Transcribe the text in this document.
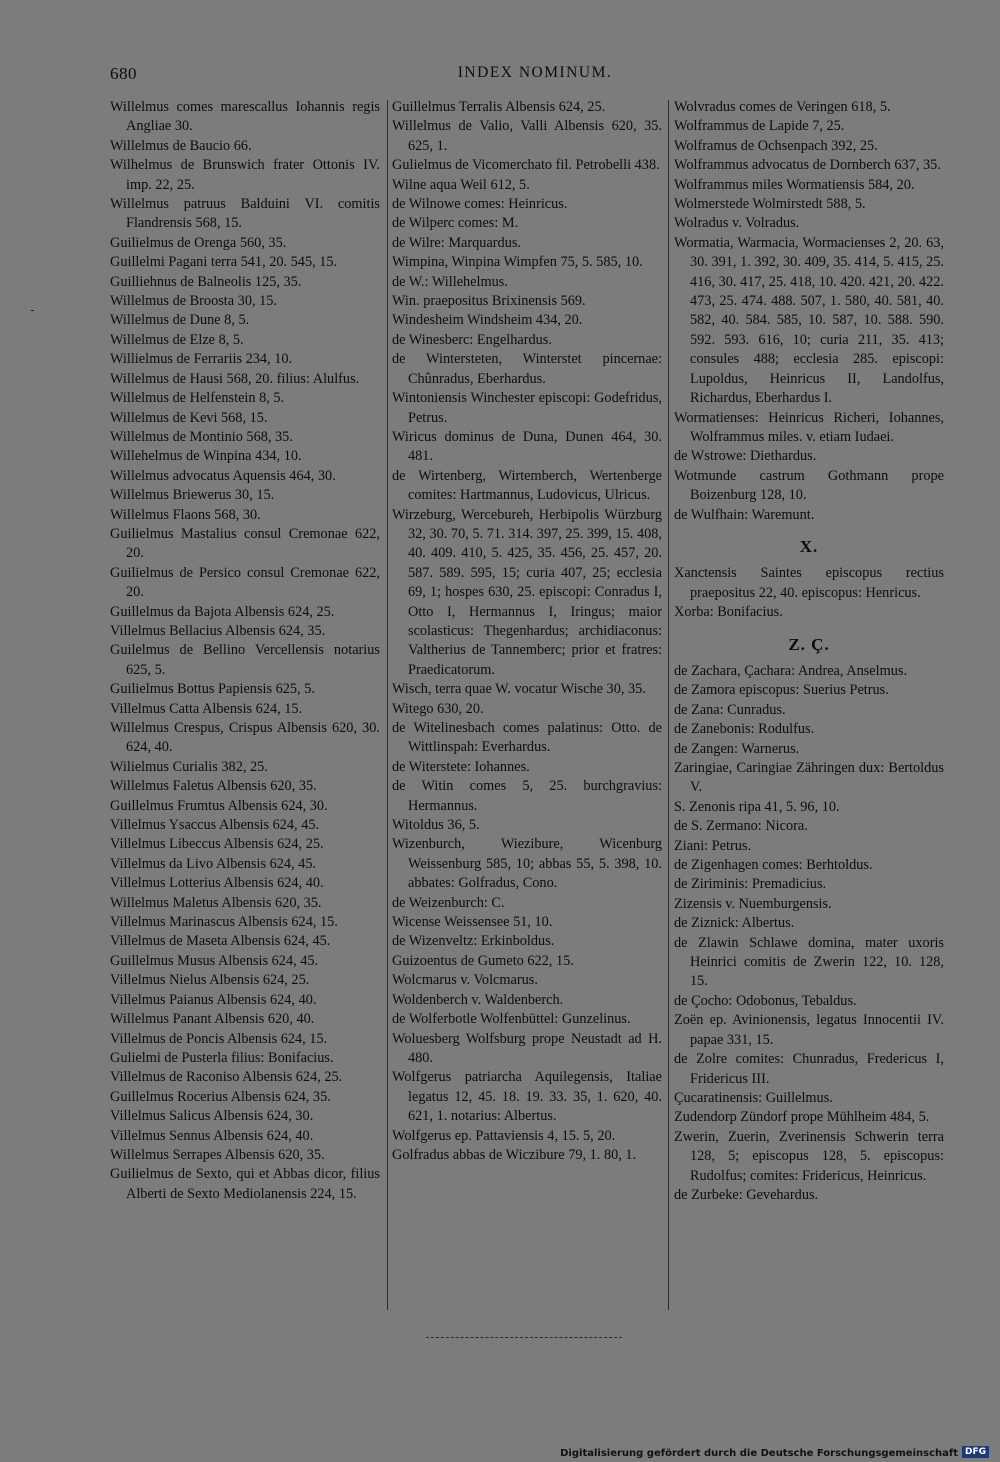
680	INDEX NOMINUM.

Willelmus comes marescallus Iohannis regis Angliae 30.

Willelmus de Baucio 66.

Wilhelmus de Brunswich frater Ottonis IV. imp. 22, 25.

Willelmus patruus Balduini VI. comitis Flandrensis 568, 15.

Guilielmus de Orenga 560, 35.

Guillelmi Pagani terra 541, 20. 545, 15.

Guilliehnus de Balneolis 125, 35.

Willelmus de Broosta 30, 15.

Willelmus de Dune 8, 5.

Willelmus de Elze 8, 5.

Willielmus de Ferrariis 234, 10.

Willelmus de Hausi 568, 20. filius: Alulfus.

Willelmus de Helfenstein 8, 5.

Willelmus de Kevi 568, 15.

Willelmus de Montinio 568, 35.

Willehelmus de Winpina 434, 10.

Willelmus advocatus Aquensis 464, 30.

Willelmus Briewerus 30, 15.

Willelmus Flaons 568, 30.

Guilielmus Mastalius consul Cremonae 622, 20.

Guilielmus de Persico consul Cremonae 622, 20.

Guillelmus da Bajota Albensis 624, 25.

Villelmus Bellacius Albensis 624, 35.

Guilelmus de Bellino Vercellensis notarius 625, 5.

Guilielmus Bottus Papiensis 625, 5.

Villelmus Catta Albensis 624, 15.

Willelmus Crespus, Crispus Albensis 620, 30. 624, 40.

Wilielmus Curialis 382, 25.

Willelmus Faletus Albensis 620, 35.

Guillelmus Frumtus Albensis 624, 30.

Villelmus Ysaccus Albensis 624, 45.

Villelmus Libeccus Albensis 624, 25.

Villelmus da Livo Albensis 624, 45.

Villelmus Lotterius Albensis 624, 40.

Willelmus Maletus Albensis 620, 35.

Villelmus Marinascus Albensis 624, 15.

Villelmus de Maseta Albensis 624, 45.

Guillelmus Musus Albensis 624, 45.

Villelmus Nielus Albensis 624, 25.

Villelmus Paianus Albensis 624, 40.

Willelmus Panant Albensis 620, 40.

Villelmus de Poncis Albensis 624, 15.

Gulielmi de Pusterla filius: Bonifacius.

Villelmus de Raconiso Albensis 624, 25.

Guillelmus Rocerius Albensis 624, 35.

Villelmus Salicus Albensis 624, 30.

Villelmus Sennus Albensis 624, 40.

Willelmus Serrapes Albensis 620, 35.

Guilielmus de Sexto, qui et Abbas dicor, filius Alberti de Sexto Mediolanensis 224, 15.

Guillelmus Terralis Albensis 624, 25.

Willelmus de Valio, Valli Albensis 620, 35. 625, 1.

Gulielmus de Vicomerchato fil. Petrobelli 438.

Wilne aqua Weil 612, 5.

de Wilnowe comes: Heinricus.

de Wilperc comes: M.

de Wilre: Marquardus.

Wimpina, Winpina Wimpfen 75, 5. 585, 10.

de W.: Willehelmus.

Win. praepositus Brixinensis 569.

Windesheim Windsheim 434, 20.

de Winesberc: Engelhardus.

de Wintersteten, Winterstet pincernae: Chûnradus, Eberhardus.

Wintoniensis Winchester episcopi: Godefridus, Petrus.

Wiricus dominus de Duna, Dunen 464, 30. 481.

de Wirtenberg, Wirtemberch, Wertenberge comites: Hartmannus, Ludovicus, Ulricus.

Wirzeburg, Wercebureh, Herbipolis Würzburg 32, 30. 70, 5. 71. 314. 397, 25. 399, 15. 408, 40. 409. 410, 5. 425, 35. 456, 25. 457, 20. 587. 589. 595, 15; curia 407, 25; ecclesia 69, 1; hospes 630, 25. episcopi: Conradus I, Otto I, Hermannus I, Iringus; maior scolasticus: Thegenhardus; archidiaconus: Valtherius de Tannemberc; prior et fratres: Praedicatorum.

Wisch, terra quae W. vocatur Wische 30, 35.

Witego 630, 20.

de Witelinesbach comes palatinus: Otto. de Wittlinspah: Everhardus.

de Witerstete: Iohannes.

de Witin comes 5, 25. burchgravius: Hermannus.

Witoldus 36, 5.

Wizenburch, Wiezibure, Wicenburg Weissenburg 585, 10; abbas 55, 5. 398, 10. abbates: Golfradus, Cono.

de Weizenburch: C.

Wicense Weissensee 51, 10.

de Wizenveltz: Erkinboldus.

Guizoentus de Gumeto 622, 15.

Wolcmarus v. Volcmarus.

Woldenberch v. Waldenberch.

de Wolferbotle Wolfenbüttel: Gunzelinus.

Woluesberg Wolfsburg prope Neustadt ad H. 480.

Wolfgerus patriarcha Aquilegensis, Italiae legatus 12, 45. 18. 19. 33. 35, 1. 620, 40. 621, 1. notarius: Albertus.

Wolfgerus ep. Pattaviensis 4, 15. 5, 20.

Golfradus abbas de Wiczibure 79, 1. 80, 1.

Wolvradus comes de Veringen 618, 5.

Wolframmus de Lapide 7, 25.

Wolframus de Ochsenpach 392, 25.

Wolframmus advocatus de Dornberch 637, 35.

Wolframmus miles Wormatiensis 584, 20.

Wolmerstede Wolmirstedt 588, 5.

Wolradus v. Volradus.

Wormatia, Warmacia, Wormacienses 2, 20. 63, 30. 391, 1. 392, 30. 409, 35. 414, 5. 415, 25. 416, 30. 417, 25. 418, 10. 420. 421, 20. 422. 473, 25. 474. 488. 507, 1. 580, 40. 581, 40. 582, 40. 584. 585, 10. 587, 10. 588. 590. 592. 593. 616, 10; curia 211, 35. 413; consules 488; ecclesia 285. episcopi: Lupoldus, Heinricus II, Landolfus, Richardus, Eberhardus I.

Wormatienses: Heinricus Richeri, Iohannes, Wolframmus miles. v. etiam Iudaei.

de Wstrowe: Diethardus.

Wotmunde castrum Gothmann prope Boizenburg 128, 10.

de Wulfhain: Waremunt.

X.

Xanctensis Saintes episcopus rectius praepositus 22, 40. episcopus: Henricus.

Xorba: Bonifacius.

Z. Ç.

de Zachara, Çachara: Andrea, Anselmus.

de Zamora episcopus: Suerius Petrus.

de Zana: Cunradus.

de Zanebonis: Rodulfus.

de Zangen: Warnerus.

Zaringiae, Caringiae Zähringen dux: Bertoldus V.

S. Zenonis ripa 41, 5. 96, 10.

de S. Zermano: Nicora.

Ziani: Petrus.

de Zigenhagen comes: Berhtoldus.

de Ziriminis: Premadicius.

Zizensis v. Nuemburgensis.

de Ziznick: Albertus.

de Zlawin Schlawe domina, mater uxoris Heinrici comitis de Zwerin 122, 10. 128, 15.

de Çocho: Odobonus, Tebaldus.

Zoën ep. Avinionensis, legatus Innocentii IV. papae 331, 15.

de Zolre comites: Chunradus, Fredericus I, Fridericus III.

Çucaratinensis: Guillelmus.

Zudendorp Zündorf prope Mühlheim 484, 5.

Zwerin, Zuerin, Zverinensis Schwerin terra 128, 5; episcopus 128, 5. episcopus: Rudolfus; comites: Fridericus, Heinricus.

de Zurbeke: Gevehardus.

Digitalisierung gefördert durch die Deutsche Forschungsgemeinschaft DFG
